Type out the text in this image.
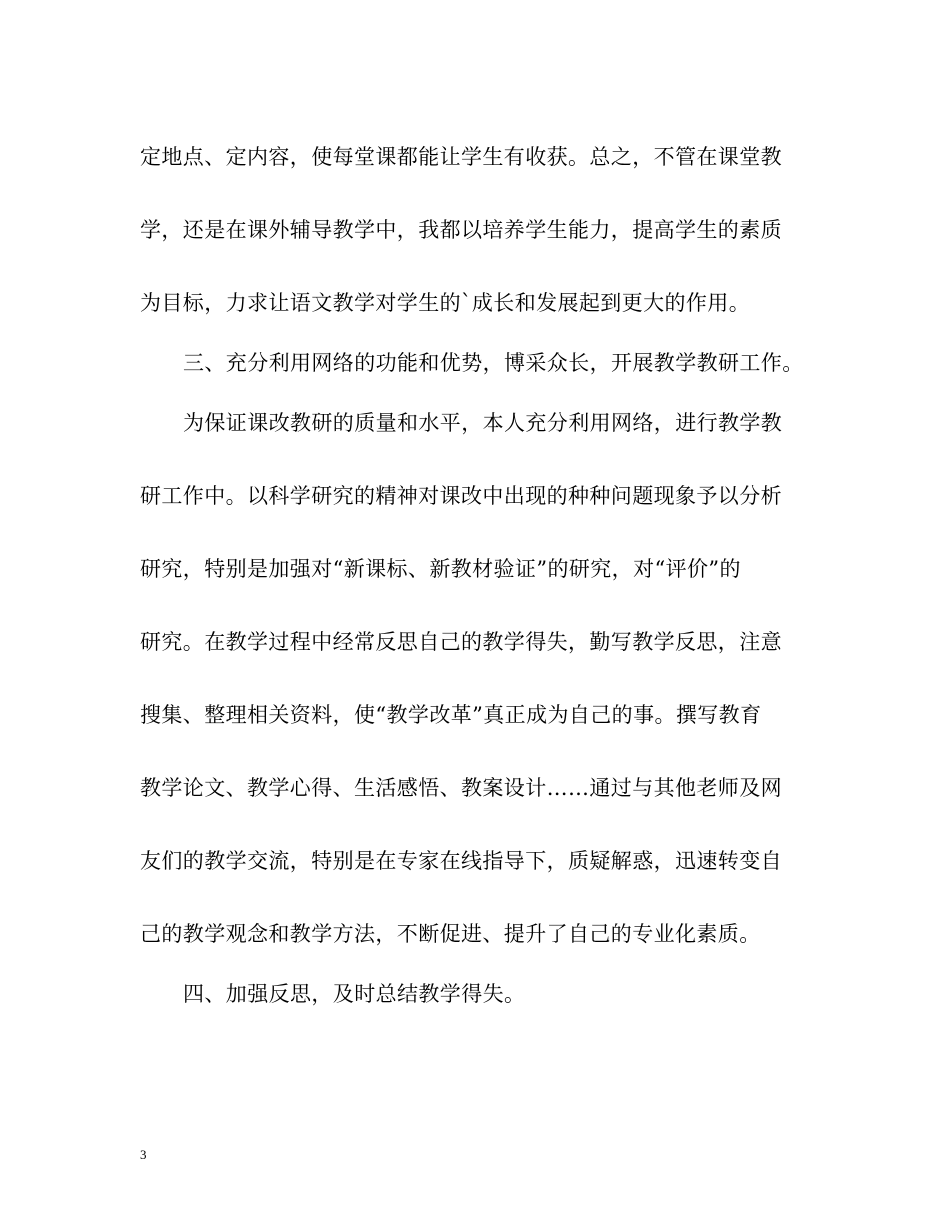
定地点、定内容，使每堂课都能让学生有收获。总之，不管在课堂教
学，还是在课外辅导教学中，我都以培养学生能力，提高学生的素质
为目标，力求让语文教学对学生的`成长和发展起到更大的作用。
三、充分利用网络的功能和优势，博采众长，开展教学教研工作。
为保证课改教研的质量和水平，本人充分利用网络，进行教学教
研工作中。以科学研究的精神对课改中出现的种种问题现象予以分析
研究，特别是加强对“新课标、新教材验证”的研究，对“评价”的
研究。在教学过程中经常反思自己的教学得失，勤写教学反思，注意
搜集、整理相关资料，使“教学改革”真正成为自己的事。撰写教育
教学论文、教学心得、生活感悟、教案设计……通过与其他老师及网
友们的教学交流，特别是在专家在线指导下，质疑解惑，迅速转变自
己的教学观念和教学方法，不断促进、提升了自己的专业化素质。
四、加强反思，及时总结教学得失。
3
